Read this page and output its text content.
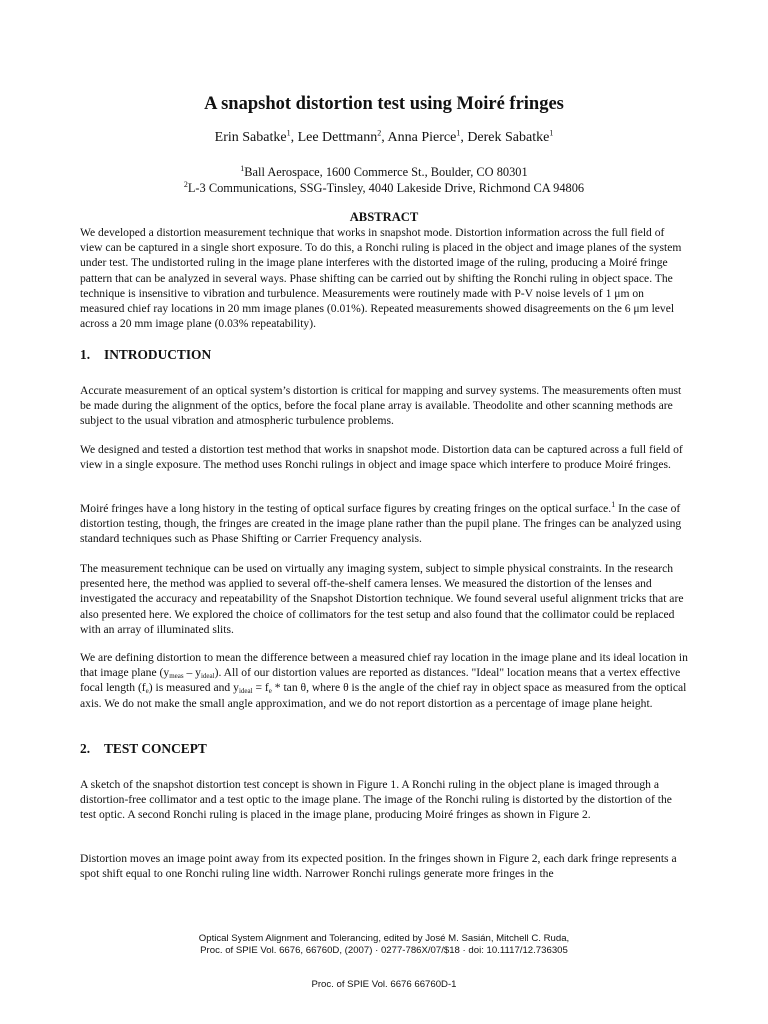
A snapshot distortion test using Moiré fringes
Erin Sabatke$^1$, Lee Dettmann$^2$, Anna Pierce$^1$, Derek Sabatke$^1$
$^1$Ball Aerospace, 1600 Commerce St., Boulder, CO 80301
$^2$L-3 Communications, SSG-Tinsley, 4040 Lakeside Drive, Richmond CA 94806
ABSTRACT

We developed a distortion measurement technique that works in snapshot mode. Distortion information across the full field of view can be captured in a single short exposure. To do this, a Ronchi ruling is placed in the object and image planes of the system under test. The undistorted ruling in the image plane interferes with the distorted image of the ruling, producing a Moiré fringe pattern that can be analyzed in several ways. Phase shifting can be carried out by shifting the Ronchi ruling in object space. The technique is insensitive to vibration and turbulence. Measurements were routinely made with P-V noise levels of 1 μm on measured chief ray locations in 20 mm image planes (0.01%). Repeated measurements showed disagreements on the 6 μm level across a 20 mm image plane (0.03% repeatability).

1. INTRODUCTION

Accurate measurement of an optical system’s distortion is critical for mapping and survey systems. The measurements often must be made during the alignment of the optics, before the focal plane array is available. Theodolite and other scanning methods are subject to the usual vibration and atmospheric turbulence problems.

We designed and tested a distortion test method that works in snapshot mode. Distortion data can be captured across a full field of view in a single exposure. The method uses Ronchi rulings in object and image space which interfere to produce Moiré fringes.

Moiré fringes have a long history in the testing of optical surface figures by creating fringes on the optical surface.$^1$ In the case of distortion testing, though, the fringes are created in the image plane rather than the pupil plane. The fringes can be analyzed using standard techniques such as Phase Shifting or Carrier Frequency analysis.

The measurement technique can be used on virtually any imaging system, subject to simple physical constraints. In the research presented here, the method was applied to several off-the-shelf camera lenses. We measured the distortion of the lenses and investigated the accuracy and repeatability of the Snapshot Distortion technique. We found several useful alignment tricks that are also presented here. We explored the choice of collimators for the test setup and also found that the collimator could be replaced with an array of illuminated slits.

We are defining distortion to mean the difference between a measured chief ray location in the image plane and its ideal location in that image plane $(y_{meas} - y_{ideal})$. All of our distortion values are reported as distances. "Ideal" location means that a vertex effective focal length $(f_e)$ is measured and $y_{ideal} = f_e * \tan \theta$, where θ is the angle of the chief ray in object space as measured from the optical axis. We do not make the small angle approximation, and we do not report distortion as a percentage of image plane height.

2. TEST CONCEPT

A sketch of the snapshot distortion test concept is shown in Figure 1. A Ronchi ruling in the object plane is imaged through a distortion-free collimator and a test optic to the image plane. The image of the Ronchi ruling is distorted by the distortion of the test optic. A second Ronchi ruling is placed in the image plane, producing Moiré fringes as shown in Figure 2.

Distortion moves an image point away from its expected position. In the fringes shown in Figure 2, each dark fringe represents a spot shift equal to one Ronchi ruling line width. Narrower Ronchi rulings generate more fringes in the

Optical System Alignment and Tolerancing, edited by José M. Sasián, Mitchell C. Ruda,
Proc. of SPIE Vol. 6676, 66760D, (2007) · 0277-786X/07/$18 · doi: 10.1117/12.736305
Proc. of SPIE Vol. 6676 66760D-1
